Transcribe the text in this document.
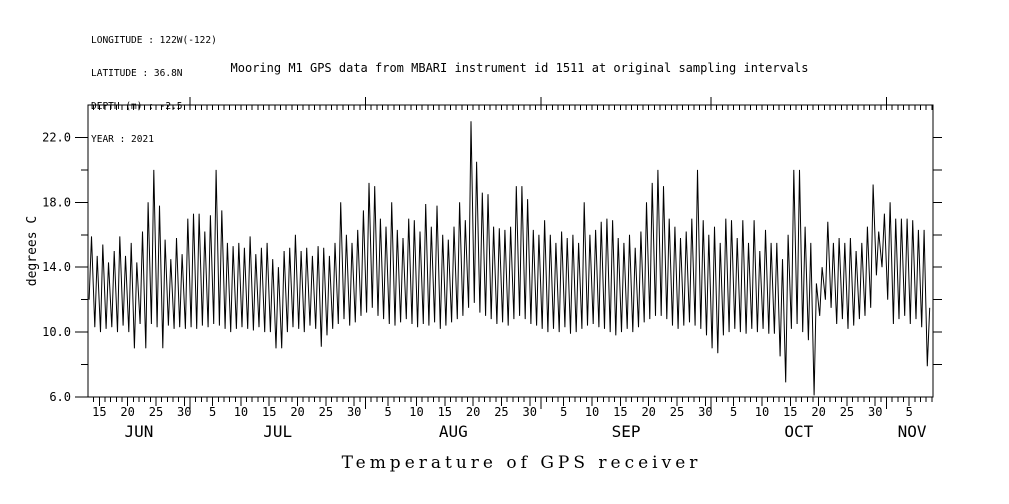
LONGITUDE : 122W(-122)

LATITUDE : 36.8N

DEPTH (m) : -2.5

YEAR : 2021

Mooring M1 GPS data from MBARI instrument id 1511 at original sampling intervals
15 20 25 30
JUN
5 10 15 20 25 30
JUL
5 10 15 20 25 30
AUG
5 10 15 20 25 30
SEP
5 10 15 20 25 30
OCT
5
NOV
6.0
10.0
14.0
18.0
22.0
degrees C
Temperature of GPS receiver
